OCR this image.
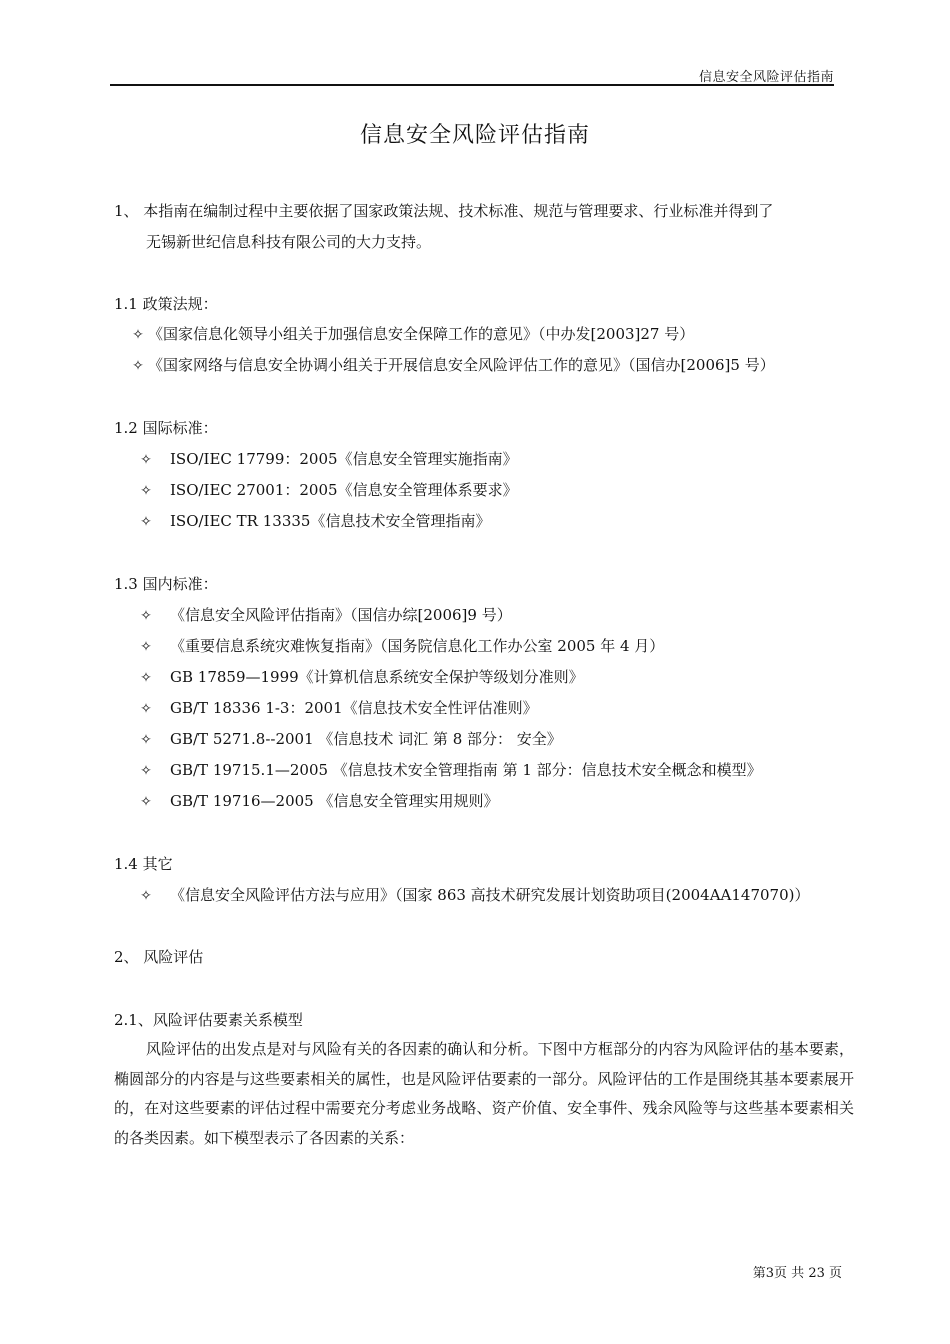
信息安全风险评估指南
信息安全风险评估指南
1、 本指南在编制过程中主要依据了国家政策法规、技术标准、规范与管理要求、行业标准并得到了
无锡新世纪信息科技有限公司的大力支持。
1.1 政策法规：
✧ 《国家信息化领导小组关于加强信息安全保障工作的意见》（中办发[2003]27 号）
✧ 《国家网络与信息安全协调小组关于开展信息安全风险评估工作的意见》（国信办[2006]5 号）
1.2 国际标准：
✧ ISO/IEC 17799：2005《信息安全管理实施指南》
✧ ISO/IEC 27001：2005《信息安全管理体系要求》
✧ ISO/IEC TR 13335《信息技术安全管理指南》
1.3 国内标准：
✧ 《信息安全风险评估指南》（国信办综[2006]9 号）
✧ 《重要信息系统灾难恢复指南》（国务院信息化工作办公室 2005 年 4 月）
✧ GB 17859—1999《计算机信息系统安全保护等级划分准则》
✧ GB/T 18336 1-3：2001《信息技术安全性评估准则》
✧ GB/T 5271.8--2001 《信息技术 词汇 第 8 部分： 安全》
✧ GB/T 19715.1—2005 《信息技术安全管理指南 第 1 部分：信息技术安全概念和模型》
✧ GB/T 19716—2005 《信息安全管理实用规则》
1.4 其它
✧ 《信息安全风险评估方法与应用》（国家 863 高技术研究发展计划资助项目(2004AA147070)）
2、 风险评估
2.1、风险评估要素关系模型
风险评估的出发点是对与风险有关的各因素的确认和分析。下图中方框部分的内容为风险评估的基本要素，椭圆部分的内容是与这些要素相关的属性，也是风险评估要素的一部分。风险评估的工作是围绕其基本要素展开的，在对这些要素的评估过程中需要充分考虑业务战略、资产价值、安全事件、残余风险等与这些基本要素相关的各类因素。如下模型表示了各因素的关系：
第3页 共 23 页
